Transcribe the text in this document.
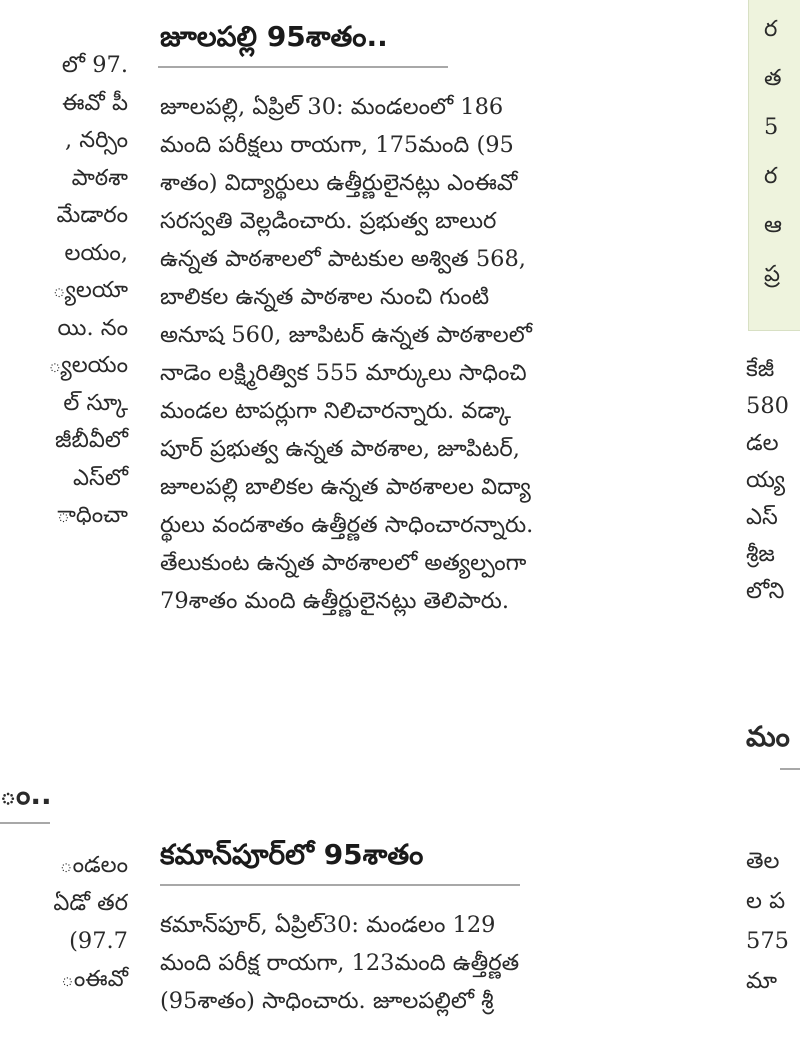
లో 97.
ఈవో పీ
, నర్సిం
పాఠశా
మేడారం
లయం,
్యలయా
యి. నం
్యలయం
ల్ స్కూ
జీబీవీలో
ఎస్‌లో
ాధించా
ం..
ండలం
ఏడో తర
(97.7
ంఈవో
జూలపల్లి 95శాతం..
జూలపల్లి, ఏప్రిల్ 30: మండలంలో 186
మంది పరీక్షలు రాయగా, 175మంది (95
శాతం) విద్యార్థులు ఉత్తీర్ణులైనట్లు ఎంఈవో
సరస్వతి వెల్లడించారు. ప్రభుత్వ బాలుర
ఉన్నత పాఠశాలలో పాటకుల అశ్విత 568,
బాలికల ఉన్నత పాఠశాల నుంచి గుంటి
అనూష 560, జూపిటర్ ఉన్నత పాఠశాలలో
నాడెం లక్ష్మిరిత్విక 555 మార్కులు సాధించి
మండల టాపర్లుగా నిలిచారన్నారు. వడ్కా
పూర్ ప్రభుత్వ ఉన్నత పాఠశాల, జూపిటర్,
జూలపల్లి బాలికల ఉన్నత పాఠశాలల విద్యా
ర్థులు వందశాతం ఉత్తీర్ణత సాధించారన్నారు.
తేలుకుంట ఉన్నత పాఠశాలలో అత్యల్పంగా
79శాతం మంది ఉత్తీర్ణులైనట్లు తెలిపారు.
కమాన్‌పూర్‌లో 95శాతం
కమాన్‌పూర్, ఏప్రిల్30: మండలం 129
మంది పరీక్ష రాయగా, 123మంది ఉత్తీర్ణత
(95శాతం) సాధించారు. జూలపల్లిలో శ్రీ
ర
త
5
ర
ఆ
ప్ర
కేజీ
580
డల
య్య
ఎస్
శ్రీజ
లోని
మం
తెల
ల ప
575
మా
